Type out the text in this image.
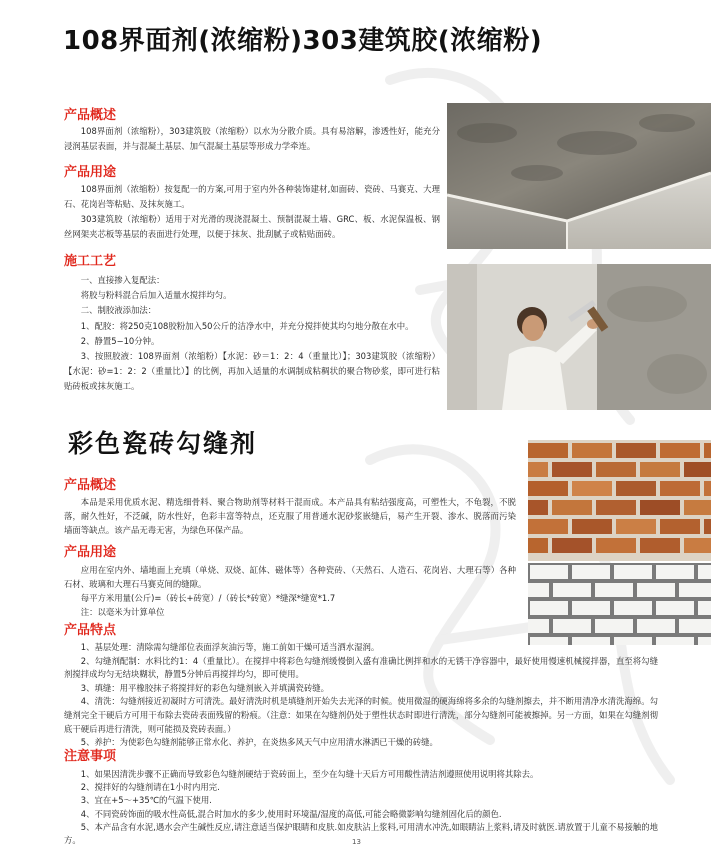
108界面剂(浓缩粉)303建筑胶(浓缩粉)
产品概述

108界面剂（浓缩粉），303建筑胶（浓缩粉）以水为分散介质。具有易溶解，渗透性好，能充分浸润基层表面，并与混凝土基层、加气混凝土基层等形成力学牵连。

产品用途

108界面剂（浓缩粉）按复配一的方案,可用于室内外各种装饰建材,如面砖、瓷砖、马赛克、大理石、花岗岩等粘贴、及抹灰施工。

303建筑胶（浓缩粉）适用于对光滑的现浇混凝土、预制混凝土墙、GRC、板、水泥保温板、钢丝网架夹芯板等基层的表面进行处理，以便于抹灰、批刮腻子或粘贴面砖。

施工工艺

一、直接掺入复配法：

将胶与粉料混合后加入适量水搅拌均匀。

二、制胶液添加法：

1、配胶：将250克108胶粉加入50公斤的洁净水中，并充分搅拌使其均匀地分散在水中。

2、静置5−10分钟。

3、按照胶液：108界面剂（浓缩粉）【水泥：砂＝1：2：4（重量比）】；303建筑胶（浓缩粉）【水泥：砂=1：2：2（重量比）】的比例，再加入适量的水调制成粘稠状的聚合物砂浆，即可进行粘贴砖板或抹灰施工。

彩色瓷砖勾缝剂
产品概述

本品是采用优质水泥、精选细骨料、聚合物助剂等材料干混而成。本产品具有粘结强度高，可塑性大，不龟裂，不脱落，耐久性好，不泛碱，防水性好，色彩丰富等特点，还克服了用普通水泥砂浆嵌缝后，易产生开裂、渗水、脱落而污染墙面等缺点。该产品无毒无害，为绿色环保产品。

产品用途

应用在室内外、墙地面上充填（单烧、双烧、缸体、磁体等）各种瓷砖、（天然石、人造石、花岗岩、大理石等）各种石材、玻璃和大理石马赛克间的缝隙。

每平方米用量(公斤)=（砖长+砖宽）/（砖长*砖宽）*缝深*缝宽*1.7

注：以毫米为计算单位

产品特点

1、基层处理：清除需勾缝部位表面浮灰油污等，施工前如干燥可适当洒水湿润。

2、勾缝剂配制：水料比约1：4（重量比）。在搅拌中将彩色勾缝剂缓慢倒入盛有准确比例拌和水的无锈干净容器中，最好使用慢速机械搅拌器，直至将勾缝剂搅拌成均匀无结块糊状，静置5分钟后再搅拌均匀，即可使用。

3、填缝：用平橡胶抹子将搅拌好的彩色勾缝剂嵌入并填满瓷砖缝。

4、清洗：勾缝剂接近初凝时方可清洗。最好清洗时机是填缝剂开始失去光泽的时候。使用微湿的硬海绵将多余的勾缝剂擦去，并不断用清净水清洗海绵。勾缝剂完全干硬后方可用干布除去瓷砖表面残留的粉痕。（注意：如果在勾缝剂仍处于塑性状态时即进行清洗，部分勾缝剂可能被擦掉。另一方面，如果在勾缝剂彻底干硬后再进行清洗，则可能损及瓷砖表面。）

5、养护：为使彩色勾缝剂能够正常水化、养护，在炎热多风天气中应用清水淋洒已干燥的砖缝。

注意事项

1、如果因清洗步骤不正确而导致彩色勾缝剂硬结于瓷砖面上，至少在勾缝十天后方可用酸性清洁剂遵照使用说明将其除去。

2、搅拌好的勾缝剂请在1小时内用完.

3、宜在+5～+35℃的气温下使用.

4、不同瓷砖饰面的吸水性高低,混合时加水的多少,使用时环境温/湿度的高低,可能会略微影响勾缝剂固化后的颜色.

5、本产品含有水泥,遇水会产生碱性反应,请注意适当保护眼睛和皮肤.如皮肤沾上浆料,可用清水冲洗,如眼睛沾上浆料,请及时就医.请放置于儿童不易接触的地方。	13
